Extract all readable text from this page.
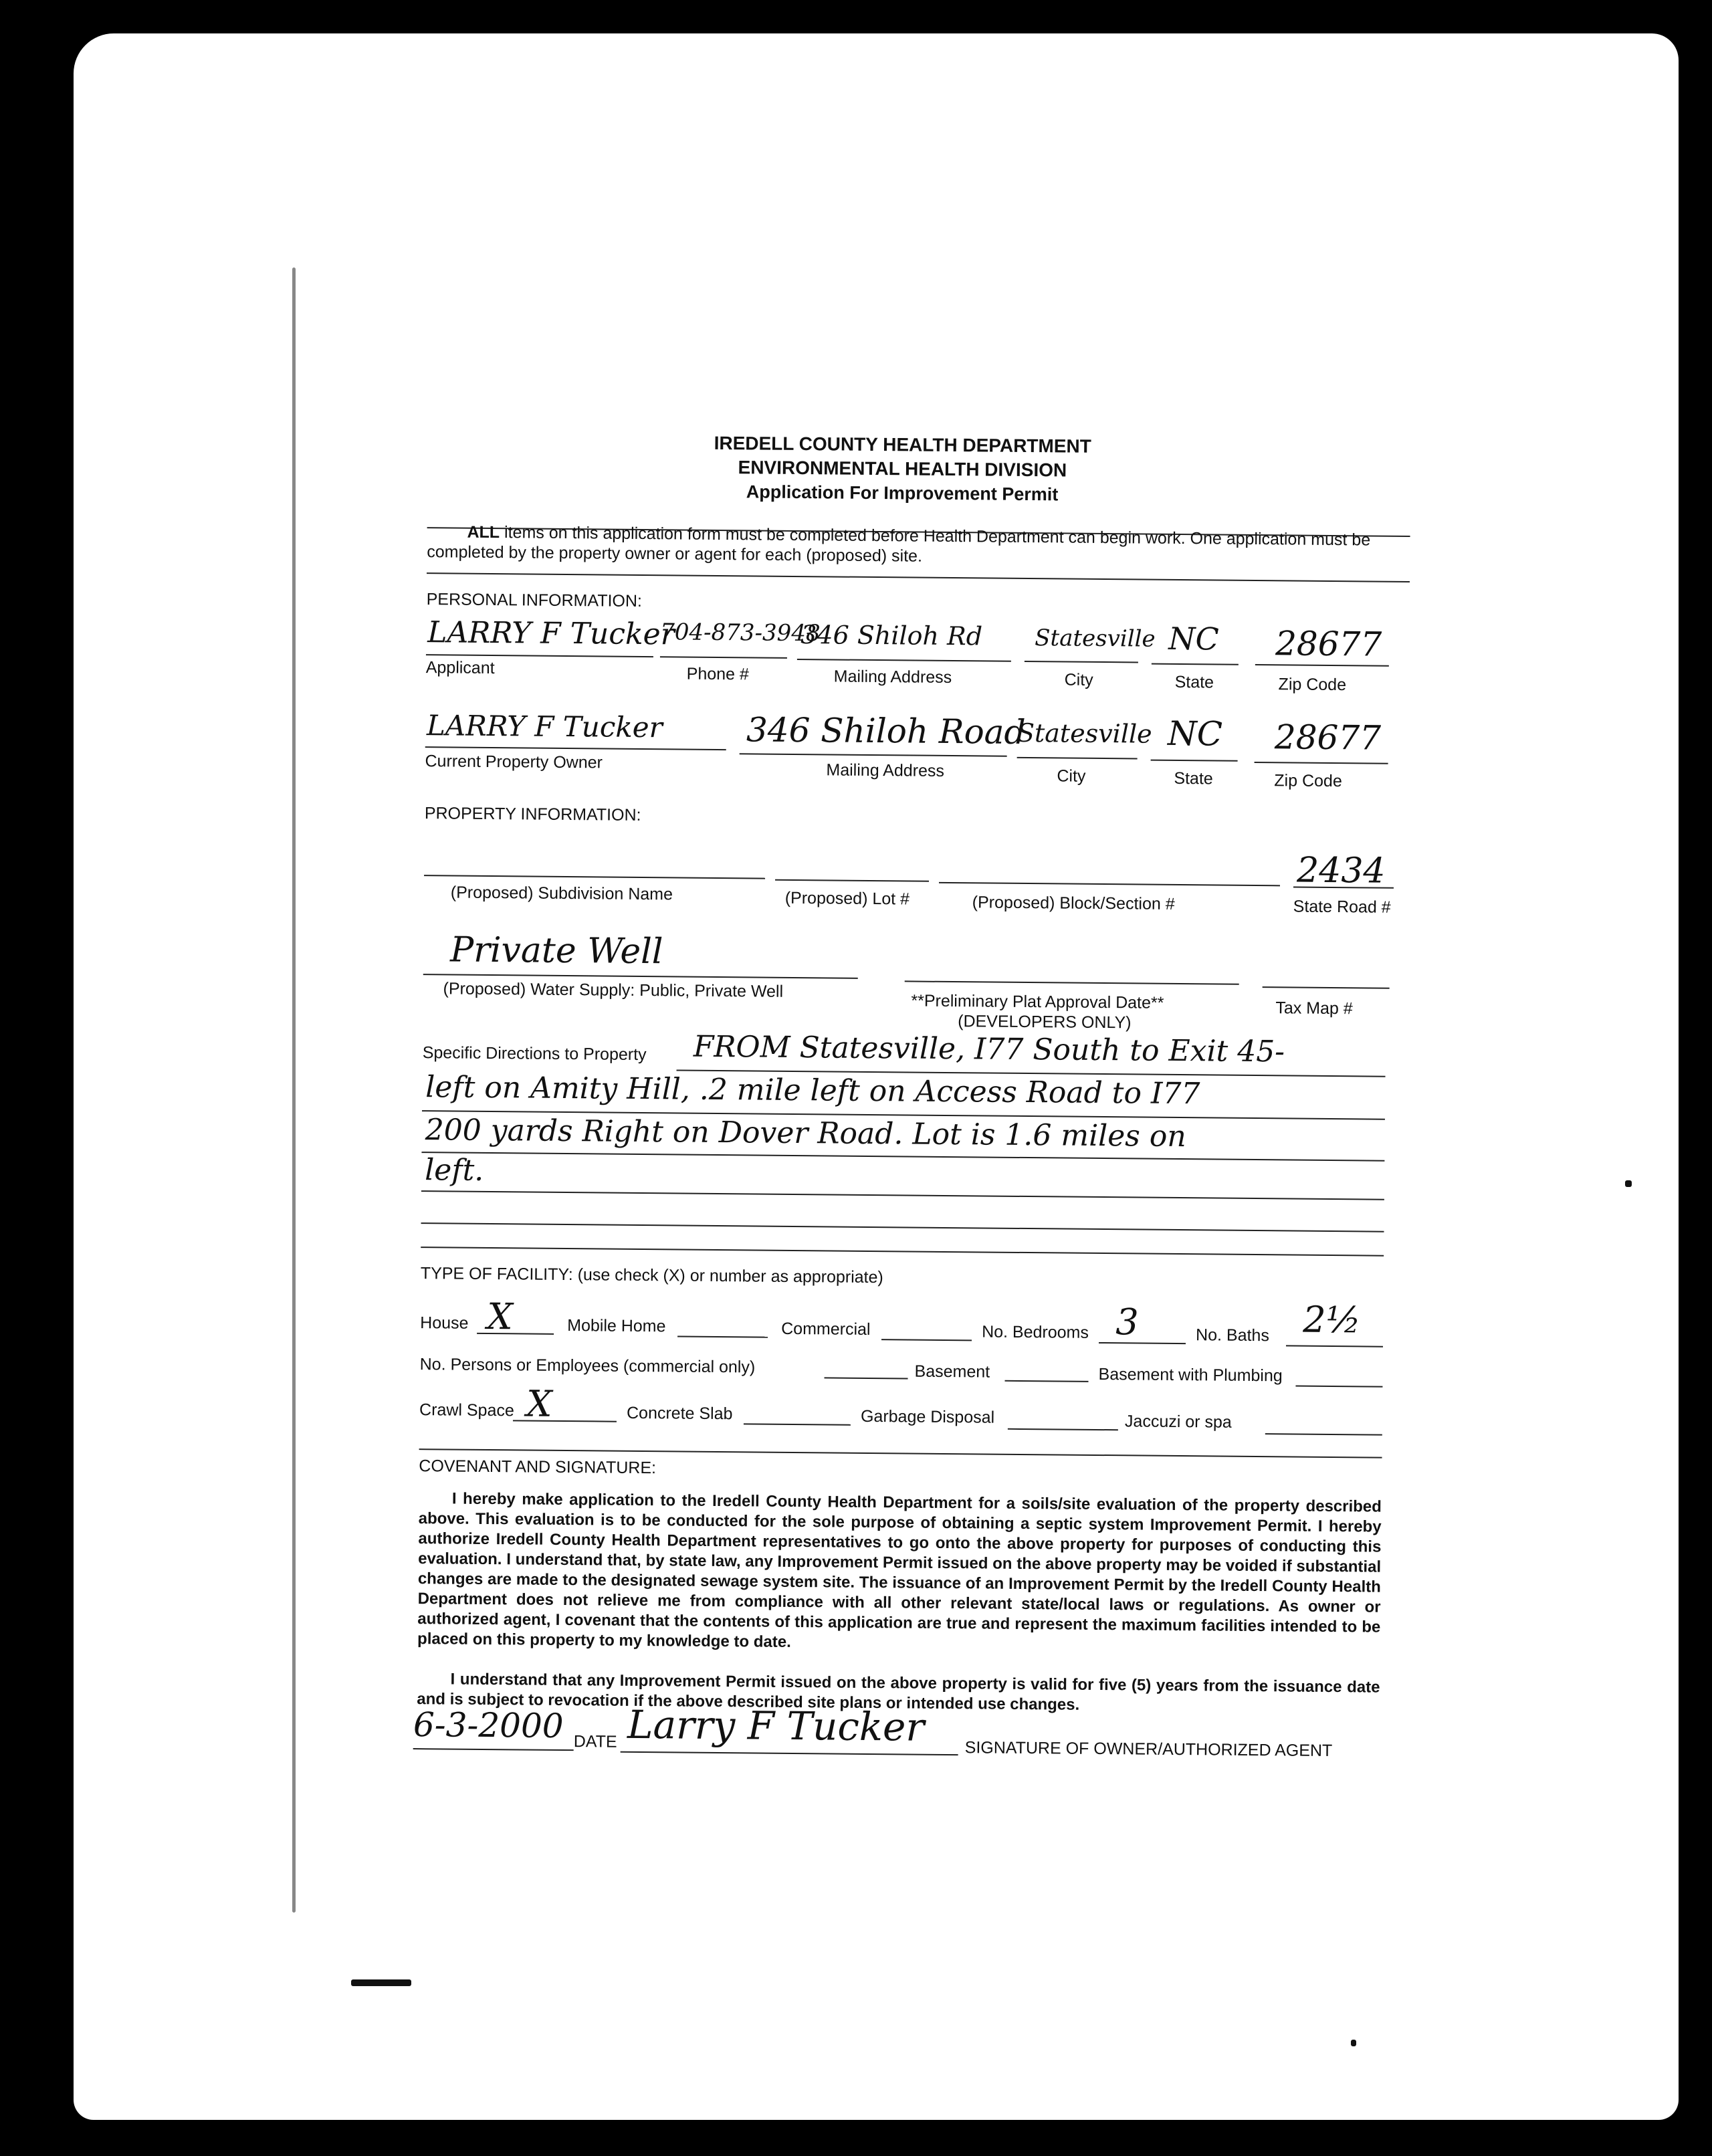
IREDELL COUNTY HEALTH DEPARTMENT
ENVIRONMENTAL HEALTH DIVISION
Application For Improvement Permit
ALL items on this application form must be completed before Health Department can begin work. One application must be completed by the property owner or agent for each (proposed) site.
PERSONAL INFORMATION:
LARRY F Tucker
Applicant
704-873-3948
Phone #
346 Shiloh Rd
Mailing Address
Statesville
City
NC
State
28677
Zip Code
LARRY F Tucker
Current Property Owner
346 Shiloh Road
Mailing Address
Statesville
City
NC
State
28677
Zip Code
PROPERTY INFORMATION:
(Proposed) Subdivision Name	(Proposed) Lot #	(Proposed) Block/Section #
2434
State Road #
Private Well
(Proposed) Water Supply: Public, Private Well
**Preliminary Plat Approval Date**
(DEVELOPERS ONLY)
Tax Map #
Specific Directions to Property FROM Statesville, I77 South to Exit 45-
left on Amity Hill, .2 mile left on Access Road to I77
200 yards Right on Dover Road. Lot is 1.6 miles on
left.
TYPE OF FACILITY: (use check (X) or number as appropriate)
House X	Mobile Home	Commercial	No. Bedrooms 3	No. Baths 2½
No. Persons or Employees (commercial only)	Basement	Basement with Plumbing
Crawl Space X	Concrete Slab	Garbage Disposal	Jaccuzi or spa
COVENANT AND SIGNATURE:
I hereby make application to the Iredell County Health Department for a soils/site evaluation of the property described above. This evaluation is to be conducted for the sole purpose of obtaining a septic system Improvement Permit. I hereby authorize Iredell County Health Department representatives to go onto the above property for purposes of conducting this evaluation. I understand that, by state law, any Improvement Permit issued on the above property may be voided if substantial changes are made to the designated sewage system site. The issuance of an Improvement Permit by the Iredell County Health Department does not relieve me from compliance with all other relevant state/local laws or regulations. As owner or authorized agent, I covenant that the contents of this application are true and represent the maximum facilities intended to be placed on this property to my knowledge to date.
I understand that any Improvement Permit issued on the above property is valid for five (5) years from the issuance date and is subject to revocation if the above described site plans or intended use changes.
6-3-2000 DATE Larry F Tucker SIGNATURE OF OWNER/AUTHORIZED AGENT
